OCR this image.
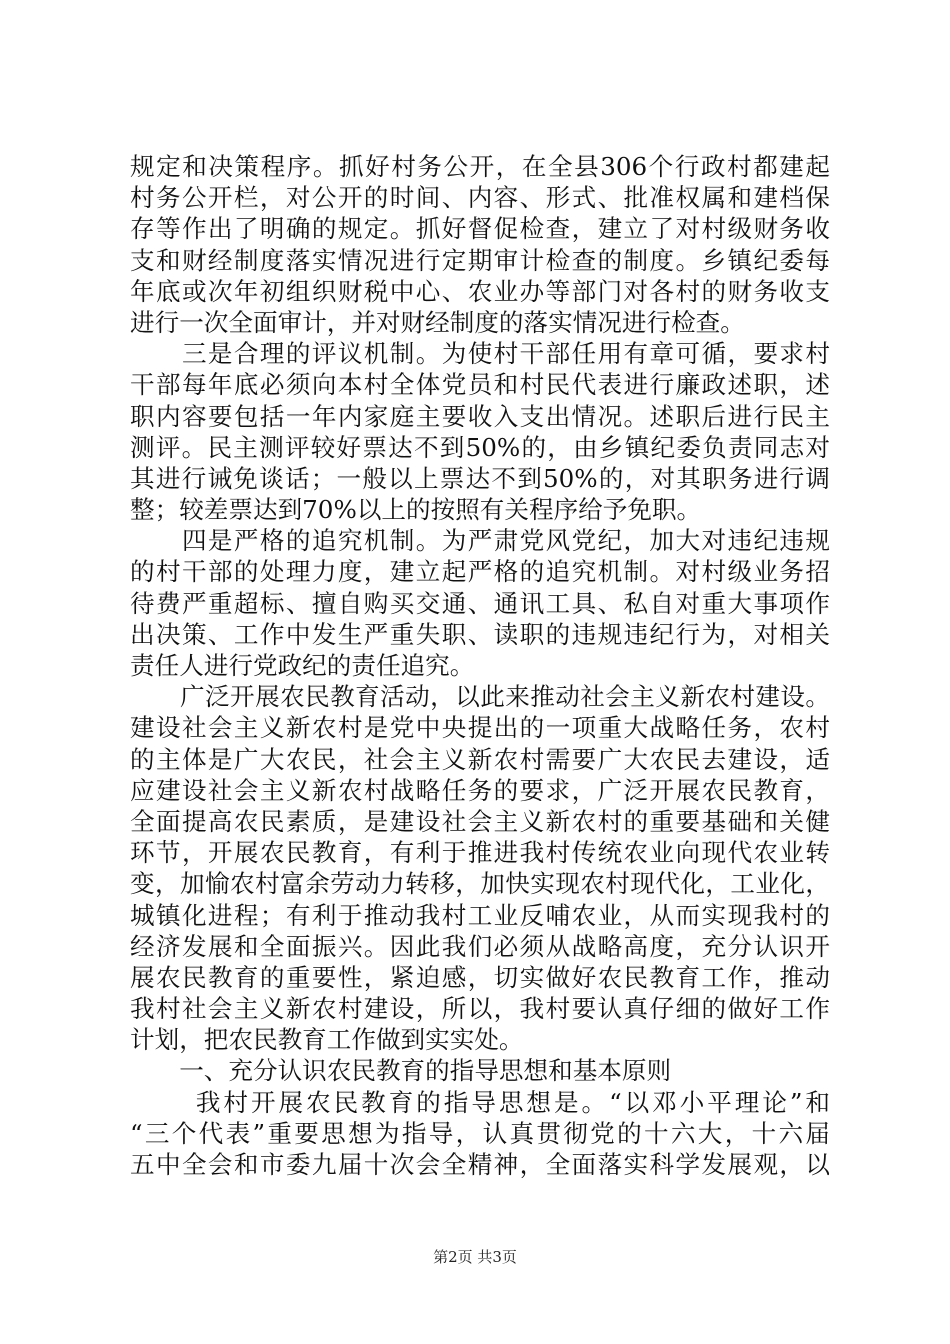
规定和决策程序。抓好村务公开，在全县306个行政村都建起
村务公开栏，对公开的时间、内容、形式、批准权属和建档保
存等作出了明确的规定。抓好督促检查，建立了对村级财务收
支和财经制度落实情况进行定期审计检查的制度。乡镇纪委每
年底或次年初组织财税中心、农业办等部门对各村的财务收支
进行一次全面审计，并对财经制度的落实情况进行检查。
　　三是合理的评议机制。为使村干部任用有章可循，要求村
干部每年底必须向本村全体党员和村民代表进行廉政述职，述
职内容要包括一年内家庭主要收入支出情况。述职后进行民主
测评。民主测评较好票达不到50%的，由乡镇纪委负责同志对
其进行诫免谈话；一般以上票达不到50%的，对其职务进行调
整；较差票达到70%以上的按照有关程序给予免职。
　　四是严格的追究机制。为严肃党风党纪，加大对违纪违规
的村干部的处理力度，建立起严格的追究机制。对村级业务招
待费严重超标、擅自购买交通、通讯工具、私自对重大事项作
出决策、工作中发生严重失职、读职的违规违纪行为，对相关
责任人进行党政纪的责任追究。
　　广泛开展农民教育活动，以此来推动社会主义新农村建设。
建设社会主义新农村是党中央提出的一项重大战略任务，农村
的主体是广大农民，社会主义新农村需要广大农民去建设，适
应建设社会主义新农村战略任务的要求，广泛开展农民教育，
全面提高农民素质，是建设社会主义新农村的重要基础和关健
环节，开展农民教育，有利于推进我村传统农业向现代农业转
变，加愉农村富余劳动力转移，加快实现农村现代化，工业化，
城镇化进程；有利于推动我村工业反哺农业，从而实现我村的
经济发展和全面振兴。因此我们必须从战略高度，充分认识开
展农民教育的重要性，紧迫感，切实做好农民教育工作，推动
我村社会主义新农村建设，所以，我村要认真仔细的做好工作
计划，把农民教育工作做到实实处。
　　一、充分认识农民教育的指导思想和基本原则
　　 我村开展农民教育的指导思想是。“以邓小平理论”和
“三个代表”重要思想为指导，认真贯彻党的十六大，十六届
五中全会和市委九届十次会全精神，全面落实科学发展观，以
第2页 共3页
